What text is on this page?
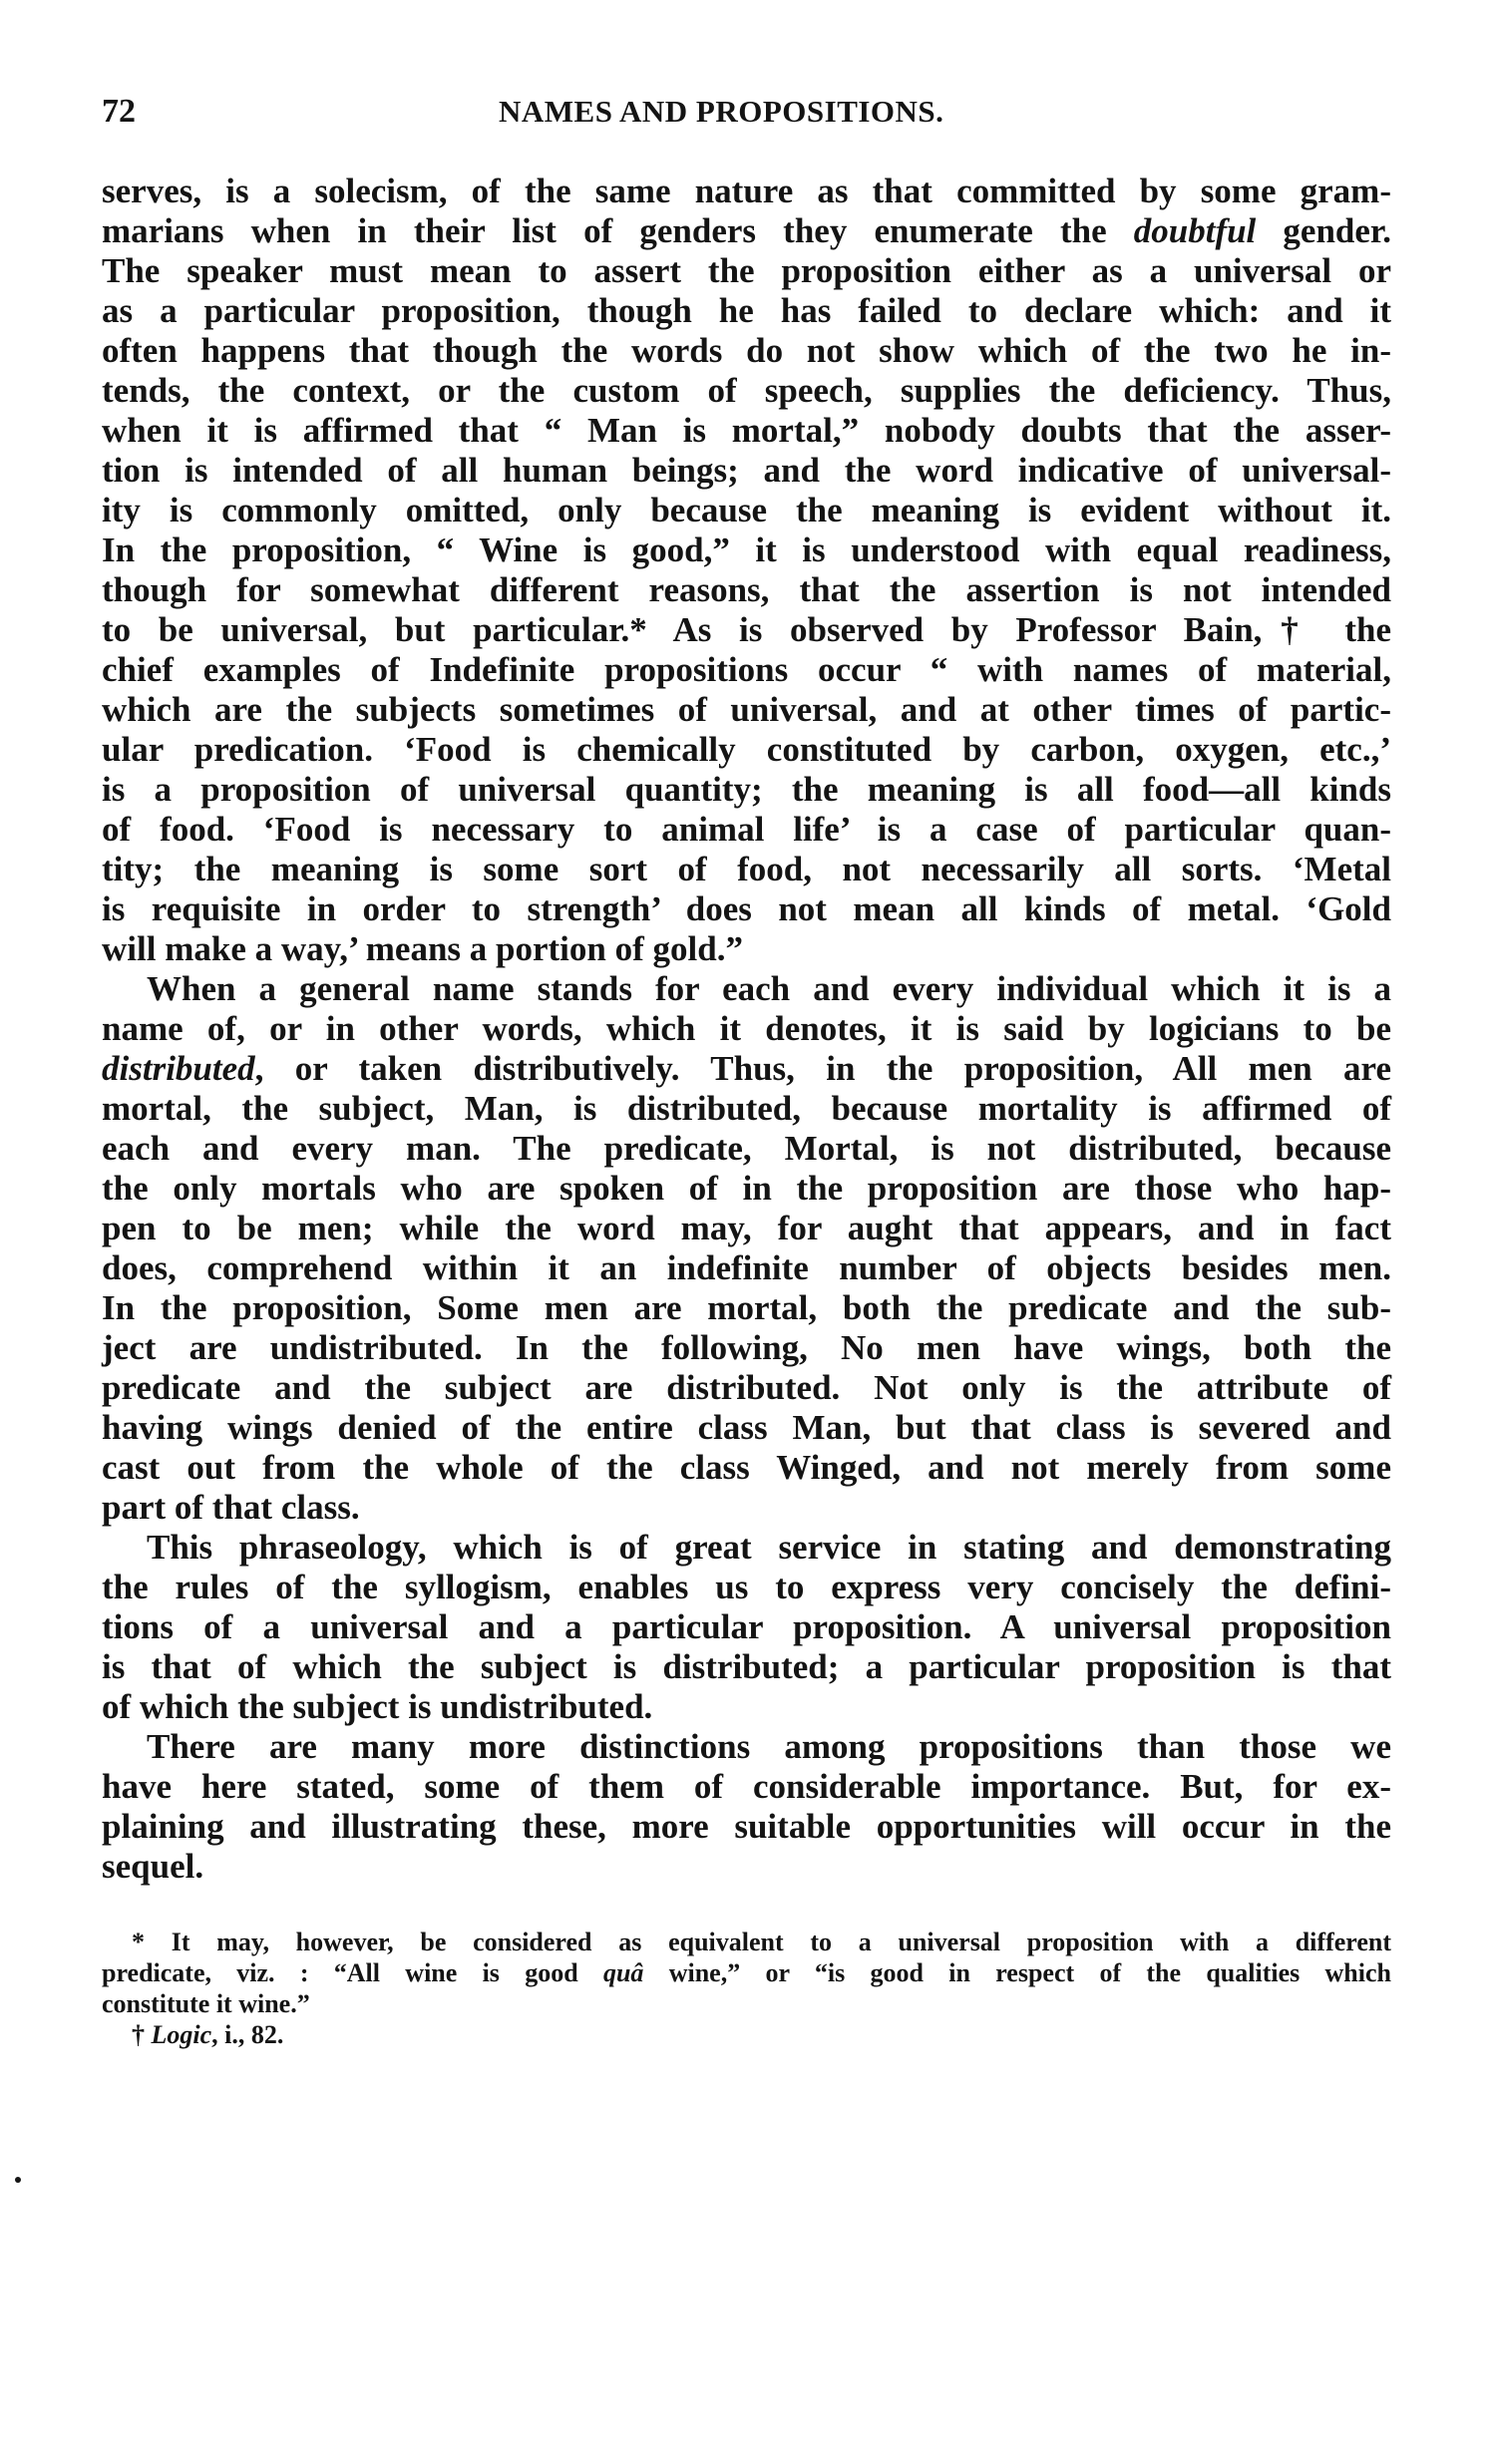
72	NAMES AND PROPOSITIONS.
serves, is a solecism, of the same nature as that committed by some gram-
marians when in their list of genders they enumerate the doubtful gender.
The speaker must mean to assert the proposition either as a universal or
as a particular proposition, though he has failed to declare which: and it
often happens that though the words do not show which of the two he in-
tends, the context, or the custom of speech, supplies the deficiency. Thus,
when it is affirmed that “ Man is mortal,” nobody doubts that the asser-
tion is intended of all human beings; and the word indicative of universal-
ity is commonly omitted, only because the meaning is evident without it.
In the proposition, “ Wine is good,” it is understood with equal readiness,
though for somewhat different reasons, that the assertion is not intended
to be universal, but particular.* As is observed by Professor Bain,† the
chief examples of Indefinite propositions occur “ with names of material,
which are the subjects sometimes of universal, and at other times of partic-
ular predication. ‘Food is chemically constituted by carbon, oxygen, etc.,’
is a proposition of universal quantity; the meaning is all food—all kinds
of food. ‘Food is necessary to animal life’ is a case of particular quan-
tity; the meaning is some sort of food, not necessarily all sorts. ‘Metal
is requisite in order to strength’ does not mean all kinds of metal. ‘Gold
will make a way,’ means a portion of gold.”
When a general name stands for each and every individual which it is a
name of, or in other words, which it denotes, it is said by logicians to be
distributed, or taken distributively. Thus, in the proposition, All men are
mortal, the subject, Man, is distributed, because mortality is affirmed of
each and every man. The predicate, Mortal, is not distributed, because
the only mortals who are spoken of in the proposition are those who hap-
pen to be men; while the word may, for aught that appears, and in fact
does, comprehend within it an indefinite number of objects besides men.
In the proposition, Some men are mortal, both the predicate and the sub-
ject are undistributed. In the following, No men have wings, both the
predicate and the subject are distributed. Not only is the attribute of
having wings denied of the entire class Man, but that class is severed and
cast out from the whole of the class Winged, and not merely from some
part of that class.
This phraseology, which is of great service in stating and demonstrating
the rules of the syllogism, enables us to express very concisely the defini-
tions of a universal and a particular proposition. A universal proposition
is that of which the subject is distributed; a particular proposition is that
of which the subject is undistributed.
There are many more distinctions among propositions than those we
have here stated, some of them of considerable importance. But, for ex-
plaining and illustrating these, more suitable opportunities will occur in the
sequel.
* It may, however, be considered as equivalent to a universal proposition with a different
predicate, viz. : “All wine is good quâ wine,” or “is good in respect of the qualities which
constitute it wine.”
† Logic, i., 82.
